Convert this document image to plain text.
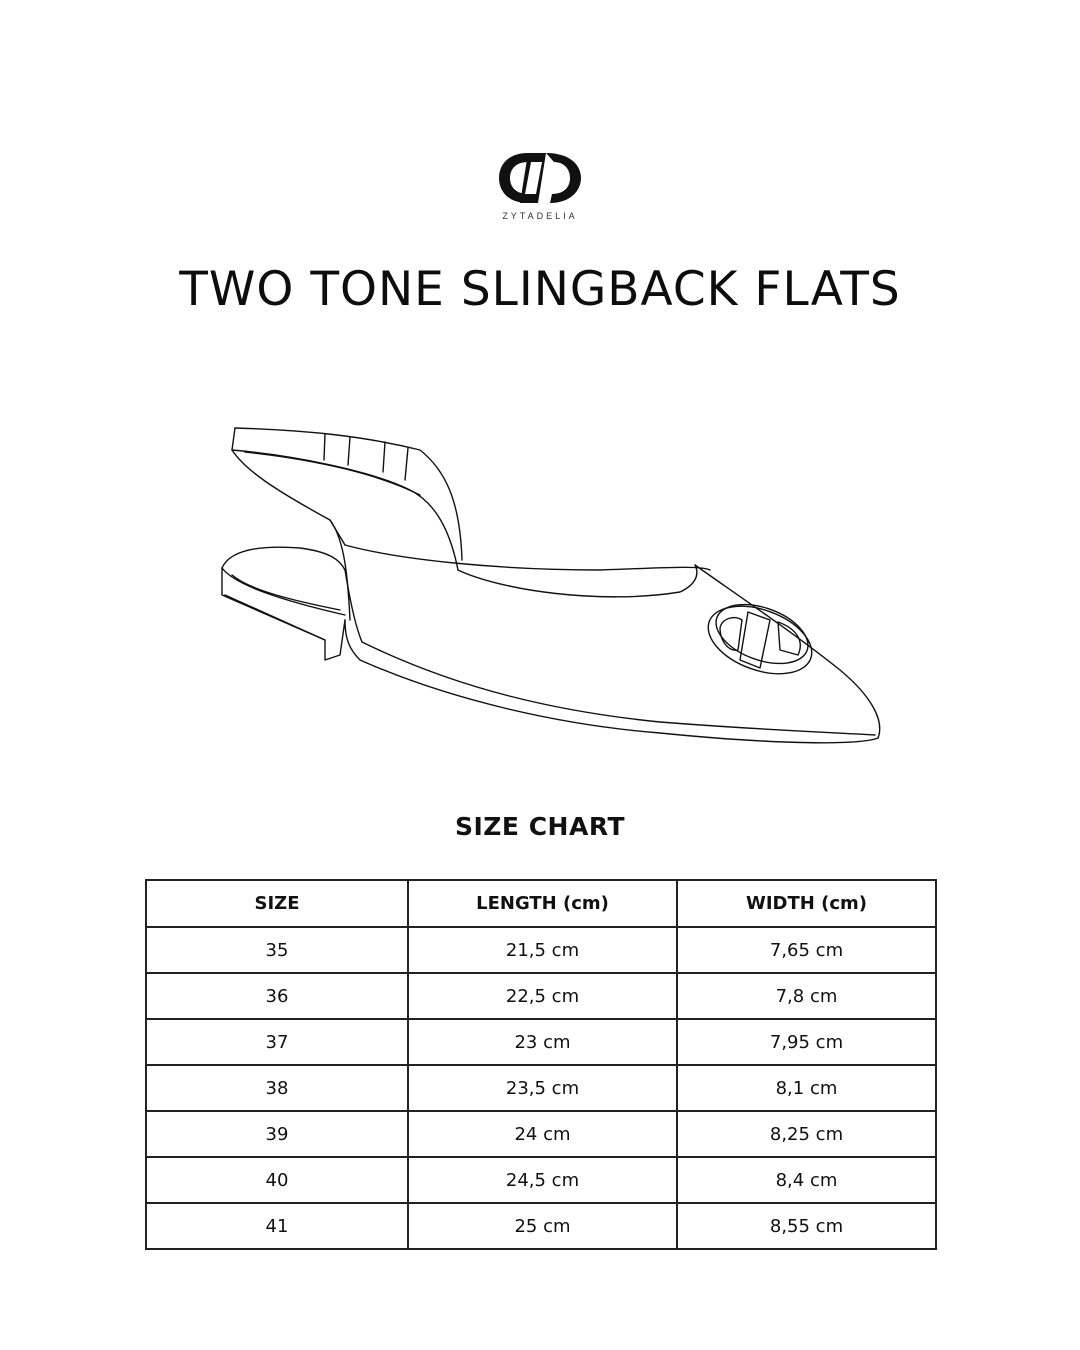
ZYTADELIA
TWO TONE SLINGBACK FLATS
SIZE CHART
SIZE	LENGTH (cm)	WIDTH (cm)
35	21,5 cm	7,65 cm
36	22,5 cm	7,8 cm
37	23 cm	7,95 cm
38	23,5 cm	8,1 cm
39	24 cm	8,25 cm
40	24,5 cm	8,4 cm
41	25 cm	8,55 cm
